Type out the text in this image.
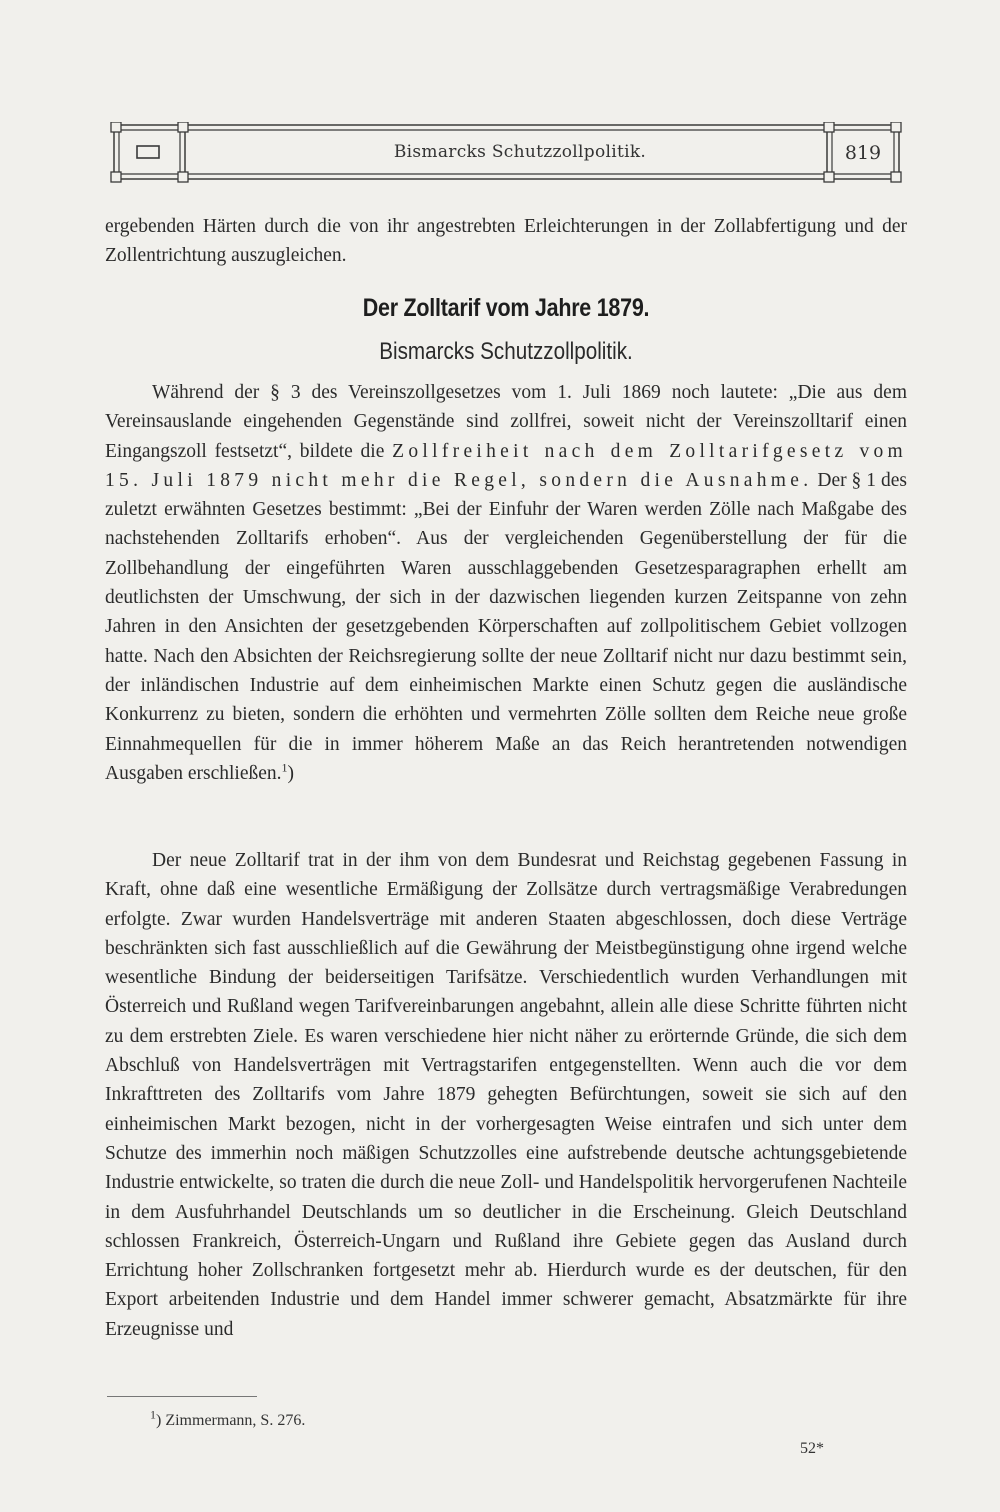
Bismarcks Schutzzollpolitik.	819

ergebenden Härten durch die von ihr angestrebten Erleichterungen in der Zollabfertigung und der Zollentrichtung auszugleichen.

Der Zolltarif vom Jahre 1879.
Bismarcks Schutzzollpolitik.

Während der § 3 des Vereinszollgesetzes vom 1. Juli 1869 noch lautete: „Die aus dem Vereinsauslande eingehenden Gegenstände sind zollfrei, soweit nicht der Vereinszolltarif einen Eingangszoll festsetzt“, bildete die Zollfreiheit nach dem Zolltarifgesetz vom 15. Juli 1879 nicht mehr die Regel, sondern die Ausnahme. Der § 1 des zuletzt erwähnten Gesetzes bestimmt: „Bei der Einfuhr der Waren werden Zölle nach Maßgabe des nachstehenden Zolltarifs erhoben“. Aus der vergleichenden Gegenüberstellung der für die Zollbehandlung der eingeführten Waren ausschlaggebenden Gesetzesparagraphen erhellt am deutlichsten der Umschwung, der sich in der dazwischen liegenden kurzen Zeitspanne von zehn Jahren in den Ansichten der gesetzgebenden Körperschaften auf zollpolitischem Gebiet vollzogen hatte. Nach den Absichten der Reichsregierung sollte der neue Zolltarif nicht nur dazu bestimmt sein, der inländischen Industrie auf dem einheimischen Markte einen Schutz gegen die ausländische Konkurrenz zu bieten, sondern die erhöhten und vermehrten Zölle sollten dem Reiche neue große Einnahmequellen für die in immer höherem Maße an das Reich herantretenden notwendigen Ausgaben erschließen.$^1$)

Der neue Zolltarif trat in der ihm von dem Bundesrat und Reichstag gegebenen Fassung in Kraft, ohne daß eine wesentliche Ermäßigung der Zollsätze durch vertragsmäßige Verabredungen erfolgte. Zwar wurden Handelsverträge mit anderen Staaten abgeschlossen, doch diese Verträge beschränkten sich fast ausschließlich auf die Gewährung der Meistbegünstigung ohne irgend welche wesentliche Bindung der beiderseitigen Tarifsätze. Verschiedentlich wurden Verhandlungen mit Österreich und Rußland wegen Tarifvereinbarungen angebahnt, allein alle diese Schritte führten nicht zu dem erstrebten Ziele. Es waren verschiedene hier nicht näher zu erörternde Gründe, die sich dem Abschluß von Handelsverträgen mit Vertragstarifen entgegenstellten. Wenn auch die vor dem Inkrafttreten des Zolltarifs vom Jahre 1879 gehegten Befürchtungen, soweit sie sich auf den einheimischen Markt bezogen, nicht in der vorhergesagten Weise eintrafen und sich unter dem Schutze des immerhin noch mäßigen Schutzzolles eine aufstrebende deutsche achtungsgebietende Industrie entwickelte, so traten die durch die neue Zoll- und Handelspolitik hervorgerufenen Nachteile in dem Ausfuhrhandel Deutschlands um so deutlicher in die Erscheinung. Gleich Deutschland schlossen Frankreich, Österreich-Ungarn und Rußland ihre Gebiete gegen das Ausland durch Errichtung hoher Zollschranken fortgesetzt mehr ab. Hierdurch wurde es der deutschen, für den Export arbeitenden Industrie und dem Handel immer schwerer gemacht, Absatzmärkte für ihre Erzeugnisse und

$^1$) Zimmermann, S. 276.
52*
